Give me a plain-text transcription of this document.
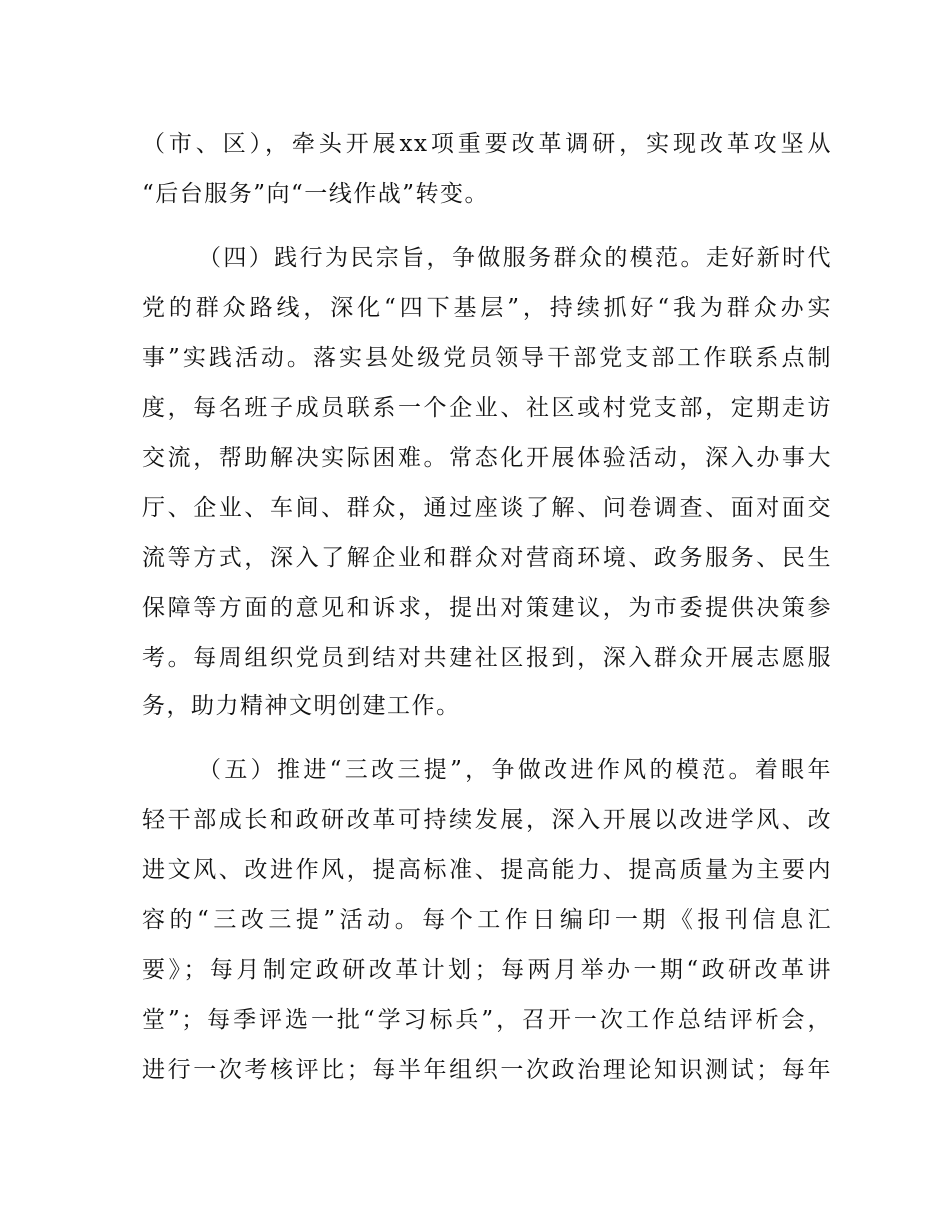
（市、区），牵头开展xx项重要改革调研，实现改革攻坚从
“后台服务”向“一线作战”转变。
（四）践行为民宗旨，争做服务群众的模范。走好新时代
党的群众路线，深化“四下基层”，持续抓好“我为群众办实
事”实践活动。落实县处级党员领导干部党支部工作联系点制
度，每名班子成员联系一个企业、社区或村党支部，定期走访
交流，帮助解决实际困难。常态化开展体验活动，深入办事大
厅、企业、车间、群众，通过座谈了解、问卷调查、面对面交
流等方式，深入了解企业和群众对营商环境、政务服务、民生
保障等方面的意见和诉求，提出对策建议，为市委提供决策参
考。每周组织党员到结对共建社区报到，深入群众开展志愿服
务，助力精神文明创建工作。
（五）推进“三改三提”，争做改进作风的模范。着眼年
轻干部成长和政研改革可持续发展，深入开展以改进学风、改
进文风、改进作风，提高标准、提高能力、提高质量为主要内
容的“三改三提”活动。每个工作日编印一期《报刊信息汇
要》；每月制定政研改革计划；每两月举办一期“政研改革讲
堂”；每季评选一批“学习标兵”，召开一次工作总结评析会，
进行一次考核评比；每半年组织一次政治理论知识测试；每年
